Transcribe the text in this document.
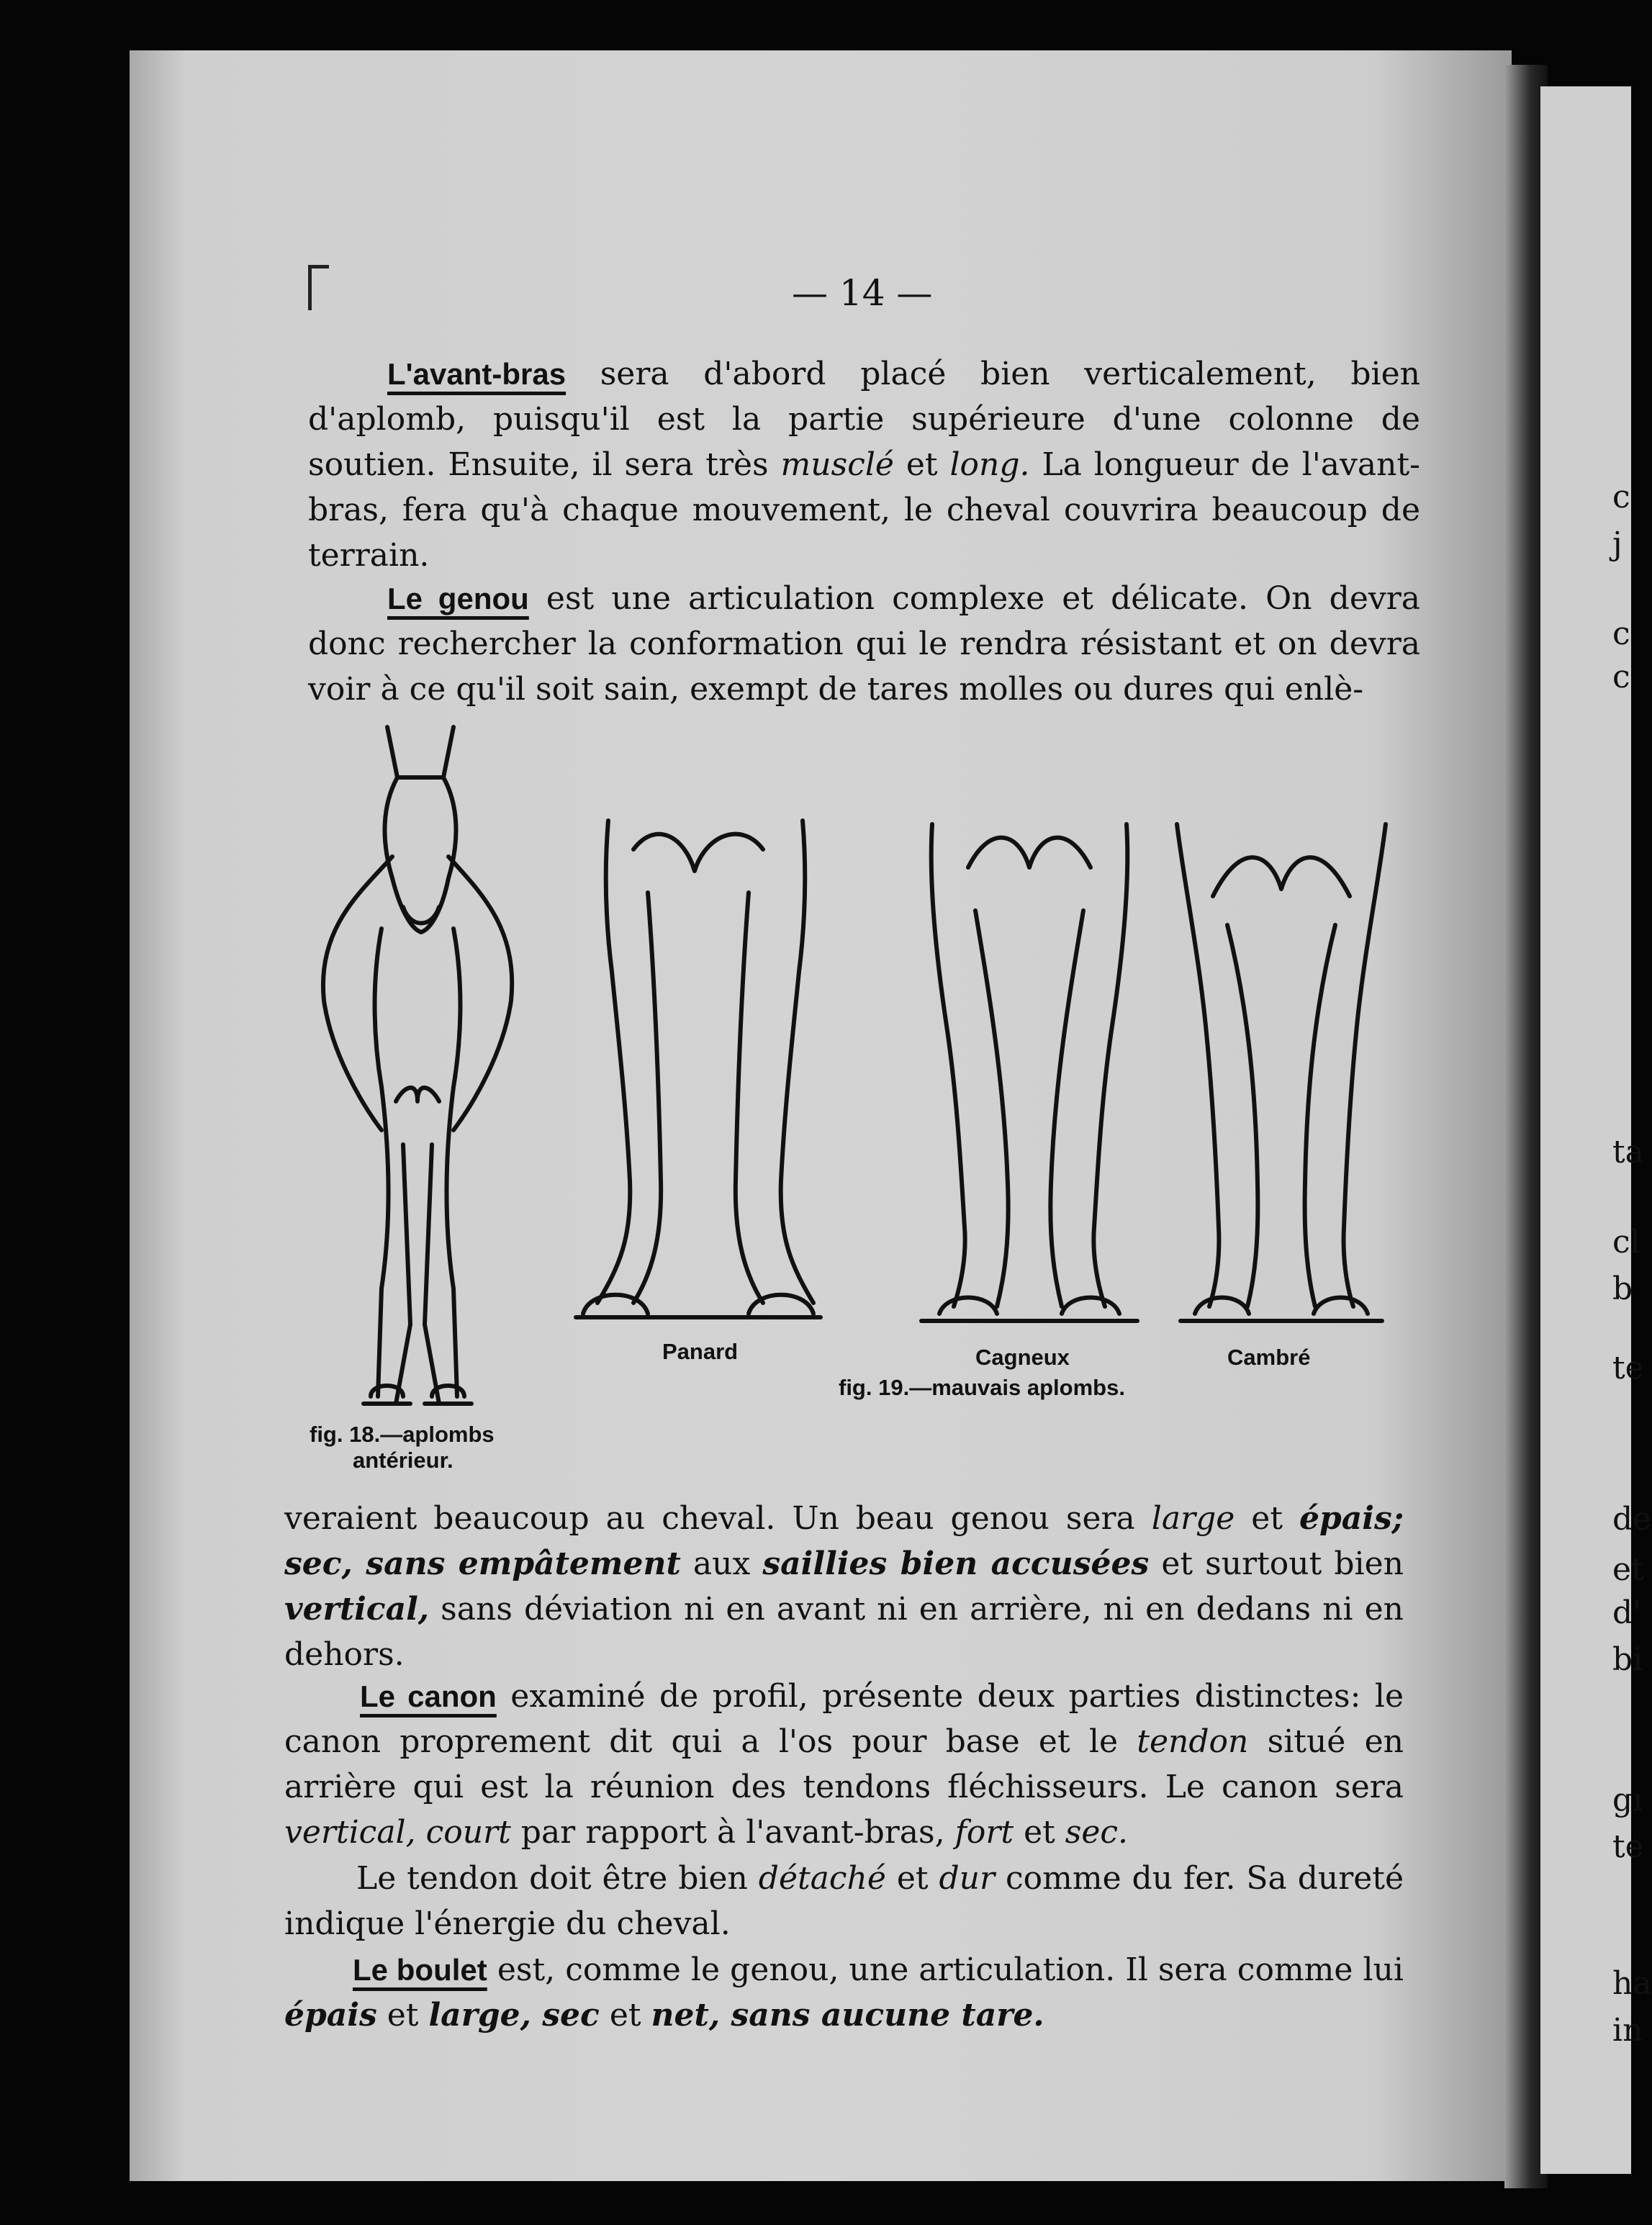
— 14 —

L'avant-bras sera d'abord placé bien verticalement, bien d'aplomb, puisqu'il est la partie supérieure d'une colonne de soutien. Ensuite, il sera très musclé et long. La longueur de l'avant-bras, fera qu'à chaque mouvement, le cheval couvrira beaucoup de terrain.

Le genou est une articulation complexe et délicate. On devra donc rechercher la conformation qui le rendra résistant et on devra voir à ce qu'il soit sain, exempt de tares molles ou dures qui enlè-

fig. 18.—aplombs
antérieur.
Panard	Cagneux	Cambré
fig. 19.—mauvais aplombs.

veraient beaucoup au cheval. Un beau genou sera large et épais; sec, sans empâtement aux saillies bien accusées et surtout bien vertical, sans déviation ni en avant ni en arrière, ni en dedans ni en dehors.

Le canon examiné de profil, présente deux parties distinctes: le canon proprement dit qui a l'os pour base et le tendon situé en arrière qui est la réunion des tendons fléchisseurs. Le canon sera vertical, court par rapport à l'avant-bras, fort et sec.

Le tendon doit être bien détaché et dur comme du fer. Sa dureté indique l'énergie du cheval.

Le boulet est, comme le genou, une articulation. Il sera comme lui épais et large, sec et net, sans aucune tare.

c
j
c
c
ta
cl
b
te
de
et
d'
bi
gı
te
ha
in
